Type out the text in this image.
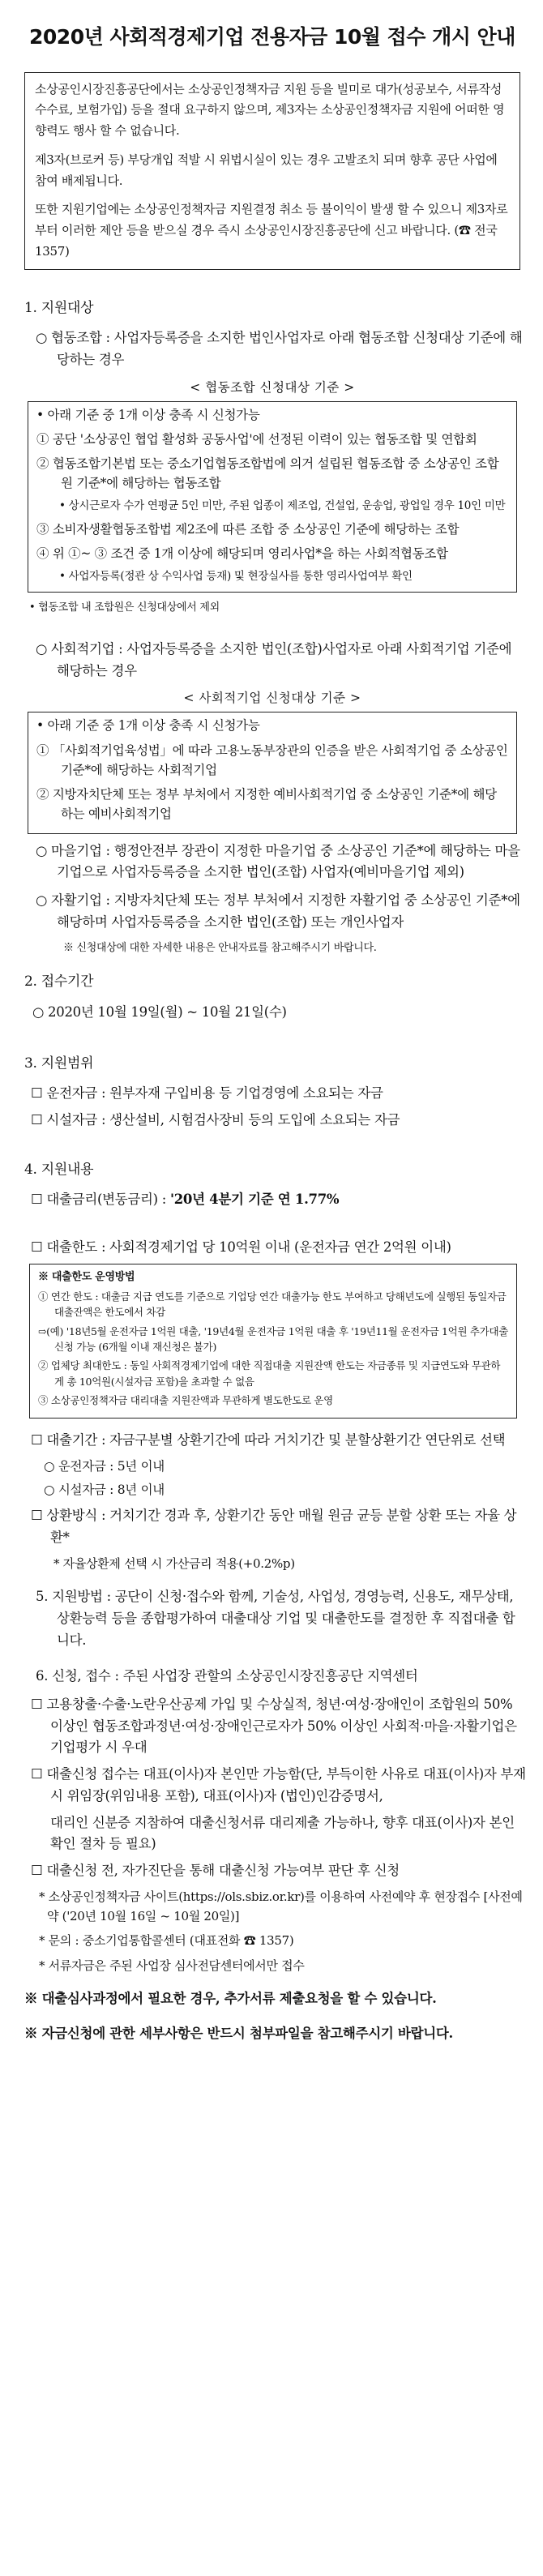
2020년 사회적경제기업 전용자금 10월 접수 개시 안내

소상공인시장진흥공단에서는 소상공인정책자금 지원 등을 빌미로 대가(성공보수, 서류작성 수수료, 보험가입) 등을 절대 요구하지 않으며, 제3자는 소상공인정책자금 지원에 어떠한 영향력도 행사 할 수 없습니다.

제3자(브로커 등) 부당개입 적발 시 위법시실이 있는 경우 고발조치 되며 향후 공단 사업에 참여 배제됩니다.

또한 지원기업에는 소상공인정책자금 지원결정 취소 등 불이익이 발생 할 수 있으니 제3자로부터 이러한 제안 등을 받으실 경우 즉시 소상공인시장진흥공단에 신고 바랍니다. (☎ 전국 1357)

1. 지원대상
○ 협동조합 : 사업자등록증을 소지한 법인사업자로 아래 협동조합 신청대상 기준에 해당하는 경우
< 협동조합 신청대상 기준 >
• 아래 기준 중 1개 이상 충족 시 신청가능
① 공단 '소상공인 협업 활성화 공동사업'에 선정된 이력이 있는 협동조합 및 연합회
② 협동조합기본법 또는 중소기업협동조합법에 의거 설립된 협동조합 중 소상공인 조합원 기준*에 해당하는 협동조합
• 상시근로자 수가 연평균 5인 미만, 주된 업종이 제조업, 건설업, 운송업, 광업일 경우 10인 미만
③ 소비자생활협동조합법 제2조에 따른 조합 중 소상공인 기준에 해당하는 조합
④ 위 ①~ ③ 조건 중 1개 이상에 해당되며 영리사업*을 하는 사회적협동조합
• 사업자등록(정관 상 수익사업 등재) 및 현장실사를 통한 영리사업여부 확인
• 협동조합 내 조합원은 신청대상에서 제외
○ 사회적기업 : 사업자등록증을 소지한 법인(조합)사업자로 아래 사회적기업 기준에 해당하는 경우
< 사회적기업 신청대상 기준 >
• 아래 기준 중 1개 이상 충족 시 신청가능
① 「사회적기업육성법」에 따라 고용노동부장관의 인증을 받은 사회적기업 중 소상공인 기준*에 해당하는 사회적기업
② 지방자치단체 또는 정부 부처에서 지정한 예비사회적기업 중 소상공인 기준*에 해당하는 예비사회적기업
○ 마을기업 : 행정안전부 장관이 지정한 마을기업 중 소상공인 기준*에 해당하는 마을기업으로 사업자등록증을 소지한 법인(조합) 사업자(예비마을기업 제외)
○ 자활기업 : 지방자치단체 또는 정부 부처에서 지정한 자활기업 중 소상공인 기준*에 해당하며 사업자등록증을 소지한 법인(조합) 또는 개인사업자
※ 신청대상에 대한 자세한 내용은 안내자료를 참고해주시기 바랍니다.
2. 접수기간
○ 2020년 10월 19일(월) ~ 10월 21일(수)
3. 지원범위
☐ 운전자금 : 원부자재 구입비용 등 기업경영에 소요되는 자금
☐ 시설자금 : 생산설비, 시험검사장비 등의 도입에 소요되는 자금
4. 지원내용
☐ 대출금리(변동금리) : '20년 4분기 기준 연 1.77%
☐ 대출한도 : 사회적경제기업 당 10억원 이내 (운전자금 연간 2억원 이내)
※ 대출한도 운영방법
① 연간 한도 : 대출금 지급 연도를 기준으로 기업당 연간 대출가능 한도 부여하고 당해년도에 실행된 동일자금 대출잔액은 한도에서 차감
⇨(예) '18년5월 운전자금 1억원 대출, '19년4월 운전자금 1억원 대출 후 '19년11월 운전자금 1억원 추가대출 신청 가능 (6개월 이내 재신청은 불가)
② 업체당 최대한도 : 동일 사회적경제기업에 대한 직접대출 지원잔액 한도는 자금종류 및 지급연도와 무관하게 총 10억원(시설자금 포함)을 초과할 수 없음
③ 소상공인정책자금 대리대출 지원잔액과 무관하게 별도한도로 운영
☐ 대출기간 : 자금구분별 상환기간에 따라 거치기간 및 분할상환기간 연단위로 선택
○ 운전자금 : 5년 이내
○ 시설자금 : 8년 이내
☐ 상환방식 : 거치기간 경과 후, 상환기간 동안 매월 원금 균등 분할 상환 또는 자율 상환*
* 자율상환제 선택 시 가산금리 적용(+0.2%p)
5. 지원방법 : 공단이 신청·접수와 함께, 기술성, 사업성, 경영능력, 신용도, 재무상태, 상환능력 등을 종합평가하여 대출대상 기업 및 대출한도를 결정한 후 직접대출 합니다.
6. 신청, 접수 : 주된 사업장 관할의 소상공인시장진흥공단 지역센터
☐ 고용창출·수출·노란우산공제 가입 및 수상실적, 청년·여성·장애인이 조합원의 50% 이상인 협동조합과정년·여성·장애인근로자가 50% 이상인 사회적·마을·자활기업은 기업평가 시 우대
☐ 대출신청 접수는 대표(이사)자 본인만 가능함(단, 부득이한 사유로 대표(이사)자 부재 시 위임장(위임내용 포함), 대표(이사)자 (법인)인감증명서,
대리인 신분증 지참하여 대출신청서류 대리제출 가능하나, 향후 대표(이사)자 본인 확인 절차 등 필요)
☐ 대출신청 전, 자가진단을 통해 대출신청 가능여부 판단 후 신청
* 소상공인정책자금 사이트(https://ols.sbiz.or.kr)를 이용하여 사전예약 후 현장접수 [사전예약 ('20년 10월 16일 ~ 10월 20일)]
* 문의 : 중소기업통합콜센터 (대표전화 ☎ 1357)
* 서류자금은 주된 사업장 심사전담센터에서만 접수
※ 대출심사과정에서 필요한 경우, 추가서류 제출요청을 할 수 있습니다.
※ 자금신청에 관한 세부사항은 반드시 첨부파일을 참고해주시기 바랍니다.
